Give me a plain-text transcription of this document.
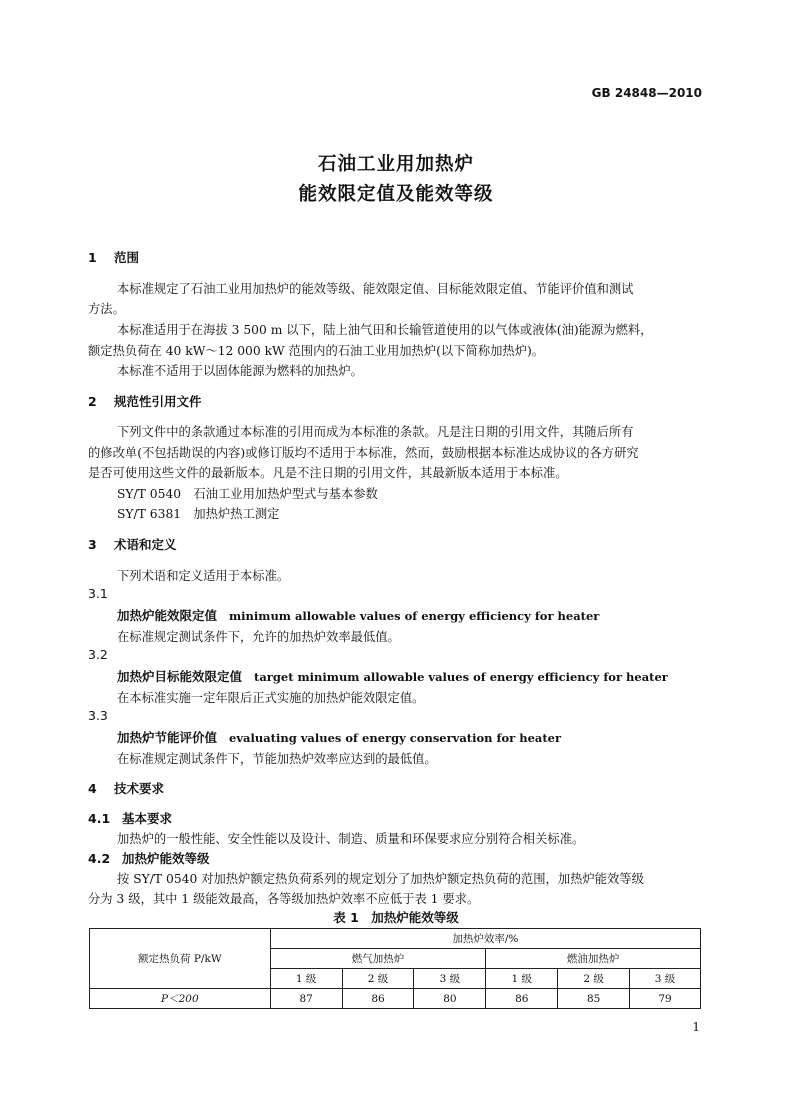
GB 24848—2010
石油工业用加热炉
能效限定值及能效等级
1 范围
本标准规定了石油工业用加热炉的能效等级、能效限定值、目标能效限定值、节能评价值和测试
方法。
本标准适用于在海拔 3 500 m 以下，陆上油气田和长输管道使用的以气体或液体(油)能源为燃料，
额定热负荷在 40 kW～12 000 kW 范围内的石油工业用加热炉(以下简称加热炉)。
本标准不适用于以固体能源为燃料的加热炉。
2 规范性引用文件
下列文件中的条款通过本标准的引用而成为本标准的条款。凡是注日期的引用文件，其随后所有
的修改单(不包括勘误的内容)或修订版均不适用于本标准，然而，鼓励根据本标准达成协议的各方研究
是否可使用这些文件的最新版本。凡是不注日期的引用文件，其最新版本适用于本标准。
SY/T 0540　石油工业用加热炉型式与基本参数
SY/T 6381　加热炉热工测定
3 术语和定义
下列术语和定义适用于本标准。
3.1
加热炉能效限定值 minimum allowable values of energy efficiency for heater
在标准规定测试条件下，允许的加热炉效率最低值。
3.2
加热炉目标能效限定值 target minimum allowable values of energy efficiency for heater
在本标准实施一定年限后正式实施的加热炉能效限定值。
3.3
加热炉节能评价值 evaluating values of energy conservation for heater
在标准规定测试条件下，节能加热炉效率应达到的最低值。
4 技术要求
4.1 基本要求
加热炉的一般性能、安全性能以及设计、制造、质量和环保要求应分别符合相关标准。
4.2 加热炉能效等级
按 SY/T 0540 对加热炉额定热负荷系列的规定划分了加热炉额定热负荷的范围，加热炉能效等级
分为 3 级，其中 1 级能效最高，各等级加热炉效率不应低于表 1 要求。
表 1　加热炉能效等级
额定热负荷 P/kW	加热炉效率/%					
	燃气加热炉			燃油加热炉		
	1 级	2 级	3 级	1 级	2 级	3 级
P＜200	87	86	80	86	85	79
1
